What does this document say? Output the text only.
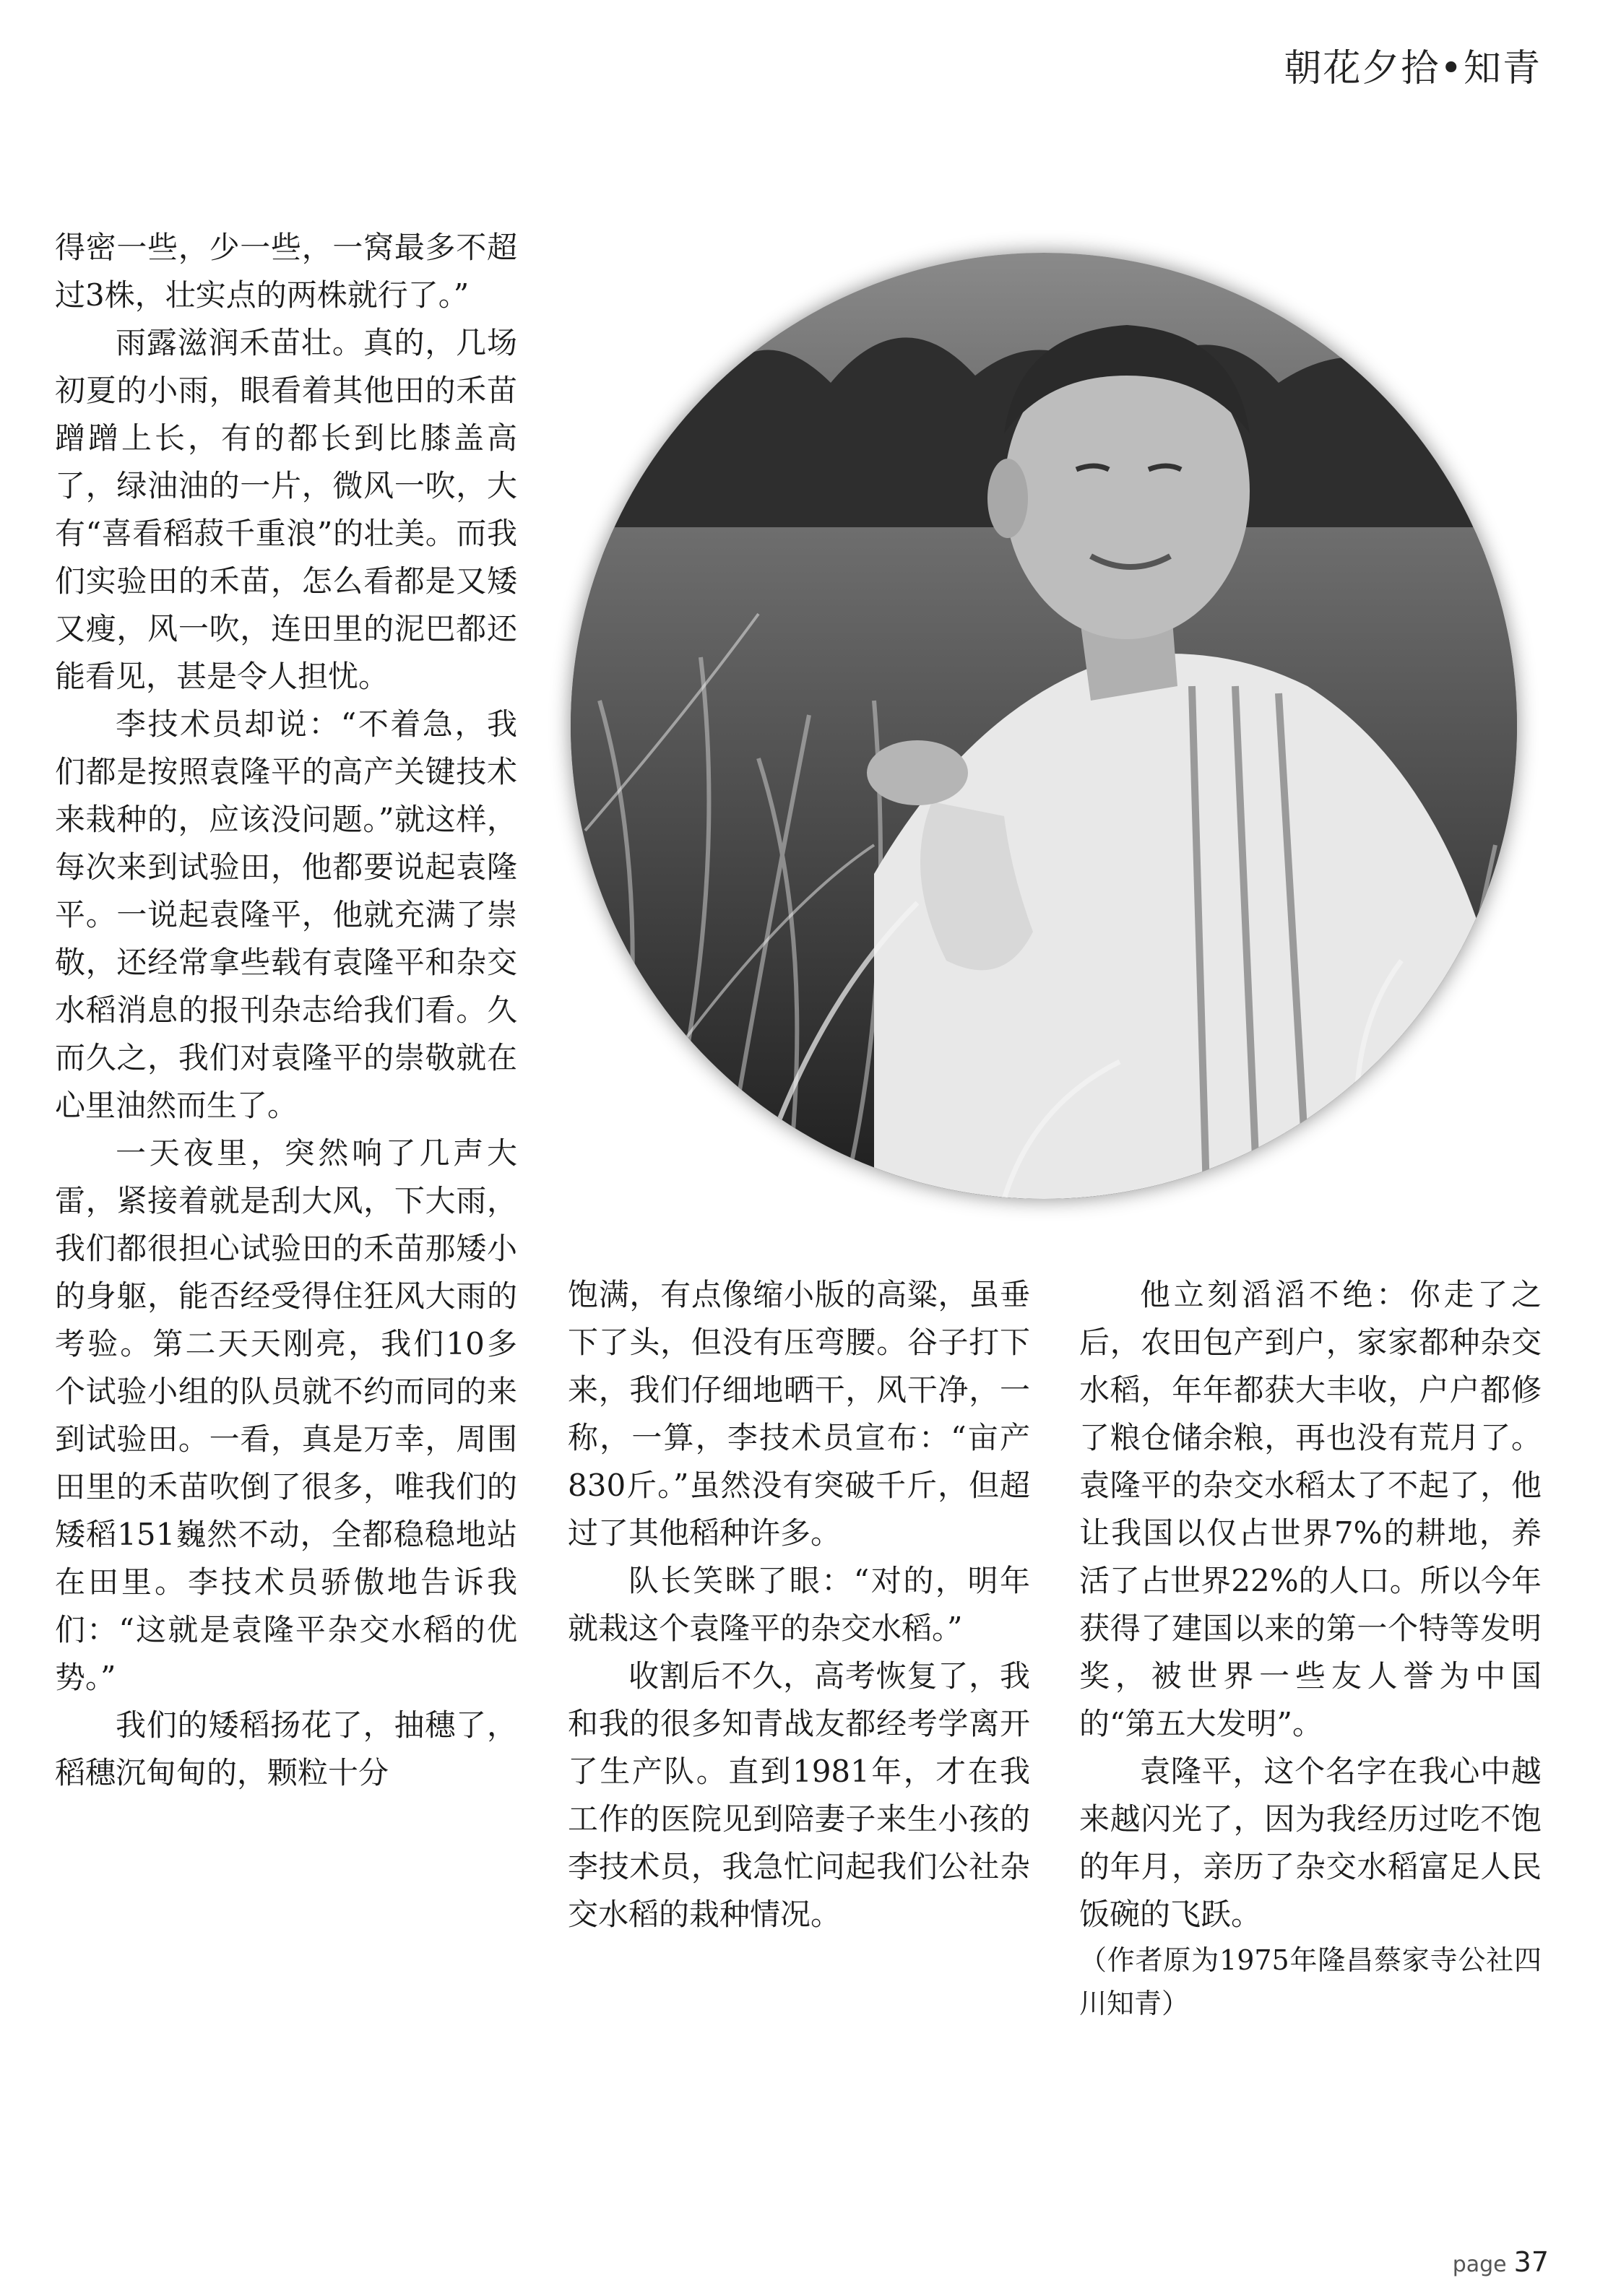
朝花夕拾•知青

得密一些，少一些，一窝最多不超过3株，壮实点的两株就行了。”

雨露滋润禾苗壮。真的，几场初夏的小雨，眼看着其他田的禾苗蹭蹭上长，有的都长到比膝盖高了，绿油油的一片，微风一吹，大有“喜看稻菽千重浪”的壮美。而我们实验田的禾苗，怎么看都是又矮又瘦，风一吹，连田里的泥巴都还能看见，甚是令人担忧。

李技术员却说：“不着急，我们都是按照袁隆平的高产关键技术来栽种的，应该没问题。”就这样，每次来到试验田，他都要说起袁隆平。一说起袁隆平，他就充满了崇敬，还经常拿些载有袁隆平和杂交水稻消息的报刊杂志给我们看。久而久之，我们对袁隆平的崇敬就在心里油然而生了。

一天夜里，突然响了几声大雷，紧接着就是刮大风，下大雨，我们都很担心试验田的禾苗那矮小的身躯，能否经受得住狂风大雨的考验。第二天天刚亮，我们10多个试验小组的队员就不约而同的来到试验田。一看，真是万幸，周围田里的禾苗吹倒了很多，唯我们的矮稻151巍然不动，全都稳稳地站在田里。李技术员骄傲地告诉我们：“这就是袁隆平杂交水稻的优势。”

我们的矮稻扬花了，抽穗了，稻穗沉甸甸的，颗粒十分

饱满，有点像缩小版的高粱，虽垂下了头，但没有压弯腰。谷子打下来，我们仔细地晒干，风干净，一称，一算，李技术员宣布：“亩产830斤。”虽然没有突破千斤，但超过了其他稻种许多。

队长笑眯了眼：“对的，明年就栽这个袁隆平的杂交水稻。”

收割后不久，高考恢复了，我和我的很多知青战友都经考学离开了生产队。直到1981年，才在我工作的医院见到陪妻子来生小孩的李技术员，我急忙问起我们公社杂交水稻的栽种情况。

他立刻滔滔不绝：你走了之后，农田包产到户，家家都种杂交水稻，年年都获大丰收，户户都修了粮仓储余粮，再也没有荒月了。袁隆平的杂交水稻太了不起了，他让我国以仅占世界7%的耕地，养活了占世界22%的人口。所以今年获得了建国以来的第一个特等发明奖，被世界一些友人誉为中国的“第五大发明”。

袁隆平，这个名字在我心中越来越闪光了，因为我经历过吃不饱的年月，亲历了杂交水稻富足人民饭碗的飞跃。

（作者原为1975年隆昌蔡家寺公社四川知青）

page 37
